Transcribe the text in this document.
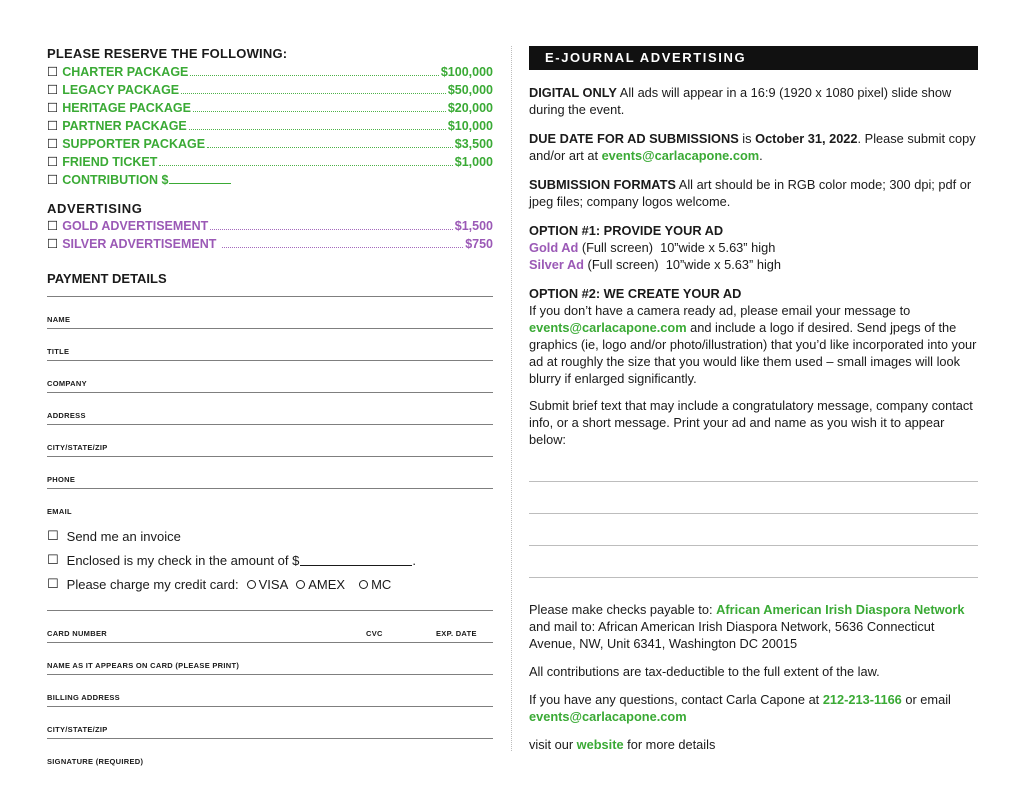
PLEASE RESERVE THE FOLLOWING:
☐ CHARTER PACKAGE	$100,000
☐ LEGACY PACKAGE	$50,000
☐ HERITAGE PACKAGE	$20,000
☐ PARTNER PACKAGE	$10,000
☐ SUPPORTER PACKAGE	$3,500
☐ FRIEND TICKET	$1,000
☐ CONTRIBUTION $
ADVERTISING
☐ GOLD ADVERTISEMENT	$1,500
☐ SILVER ADVERTISEMENT	$750
PAYMENT DETAILS
NAME
TITLE
COMPANY
ADDRESS
CITY/STATE/ZIP
PHONE
EMAIL
☐ Send me an invoice
☐ Enclosed is my check in the amount of $	.
☐ Please charge my credit card: VISA AMEX MC
CARD NUMBER	CVC	EXP. DATE
NAME AS IT APPEARS ON CARD (PLEASE PRINT)
BILLING ADDRESS
CITY/STATE/ZIP
SIGNATURE (REQUIRED)
E-JOURNAL ADVERTISING

DIGITAL ONLY All ads will appear in a 16:9 (1920 x 1080 pixel) slide show during the event.

DUE DATE FOR AD SUBMISSIONS is October 31, 2022. Please submit copy and/or art at events@carlacapone.com.

SUBMISSION FORMATS All art should be in RGB color mode; 300 dpi; pdf or jpeg files; company logos welcome.

OPTION #1: PROVIDE YOUR AD

Gold Ad (Full screen)  10”wide x 5.63” high

Silver Ad (Full screen)  10”wide x 5.63” high

OPTION #2: WE CREATE YOUR AD

If you don’t have a camera ready ad, please email your message to events@carlacapone.com and include a logo if desired. Send jpegs of the graphics (ie, logo and/or photo/illustration) that you’d like incorporated into your ad at roughly the size that you would like them used – small images will look blurry if enlarged significantly.

Submit brief text that may include a congratulatory message, company contact info, or a short message. Print your ad and name as you wish it to appear below:

Please make checks payable to: African American Irish Diaspora Network and mail to: African American Irish Diaspora Network, 5636 Connecticut Avenue, NW, Unit 6341, Washington DC 20015

All contributions are tax-deductible to the full extent of the law.

If you have any questions, contact Carla Capone at 212-213-1166 or email events@carlacapone.com

visit our website for more details
